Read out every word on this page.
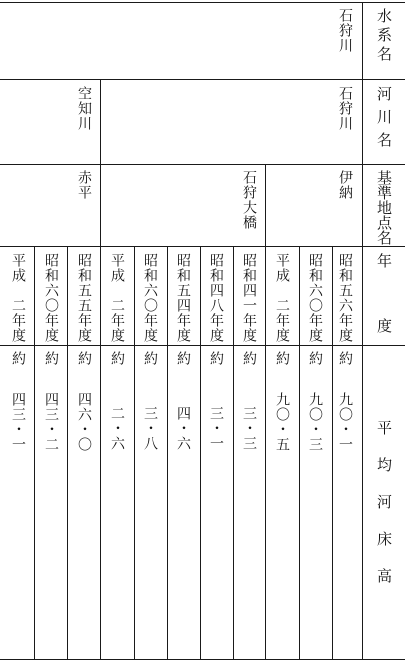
水系名
河川名
基準地点名
年
度
平均河床高
石狩川
石狩川
空知川
伊納
石狩大橋
赤平
昭和五六年度
昭和六〇年度
平成　二年度
昭和四一年度
昭和四八年度
昭和五四年度
昭和六〇年度
平成　二年度
昭和五五年度
昭和六〇年度
平成　二年度
約
約
約
約
約
約
約
約
約
約
約
九〇・一
九〇・三
九〇・五
三・三
三・一
四・六
三・八
二・六
四六・〇
四三・二
四三・一
